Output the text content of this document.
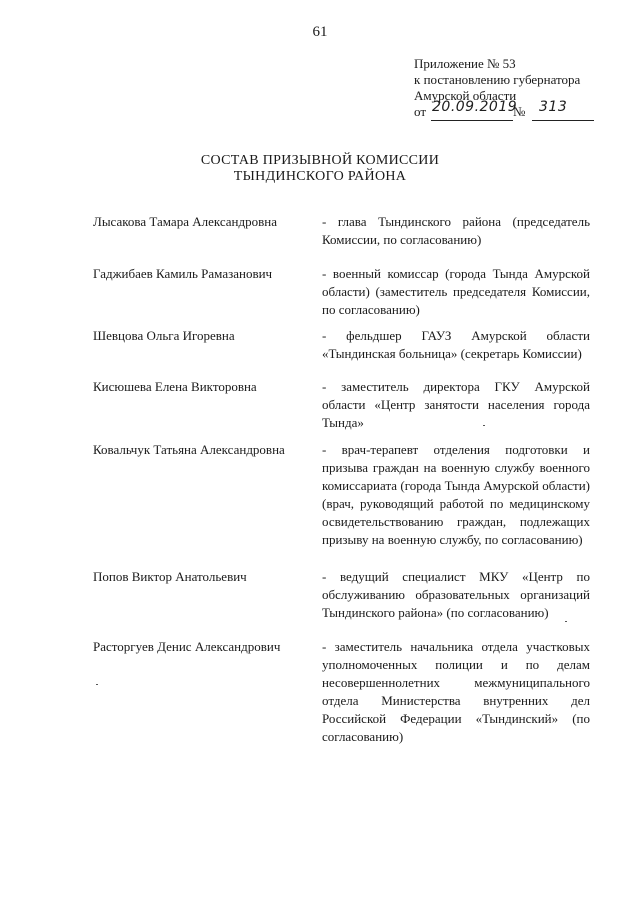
61
Приложение № 53
к постановлению губернатора
Амурской области
от 20.09.2019
№ 313
СОСТАВ ПРИЗЫВНОЙ КОМИССИИ
ТЫНДИНСКОГО РАЙОНА
Лысакова Тамара Александровна	- глава Тындинского района (председатель Комиссии, по согласованию)
Гаджибаев Камиль Рамазанович	- военный комиссар (города Тында Амурской области) (заместитель председателя Комиссии, по согласованию)
Шевцова Ольга Игоревна	- фельдшер ГАУЗ Амурской области «Тындинская больница» (секретарь Комиссии)
Кисюшева Елена Викторовна	- заместитель директора ГКУ Амурской области «Центр занятости населения города Тында»
Ковальчук Татьяна Александровна	- врач-терапевт отделения подготовки и призыва граждан на военную службу военного комиссариата (города Тында Амурской области) (врач, руководящий работой по медицинскому освидетельствованию граждан, подлежащих призыву на военную службу, по согласованию)
Попов Виктор Анатольевич	- ведущий специалист МКУ «Центр по обслуживанию образовательных организаций Тындинского района» (по согласованию)
Расторгуев Денис Александрович	- заместитель начальника отдела участковых уполномоченных полиции и по делам несовершеннолетних межмуниципального отдела Министерства внутренних дел Российской Федерации «Тындинский» (по согласованию)
